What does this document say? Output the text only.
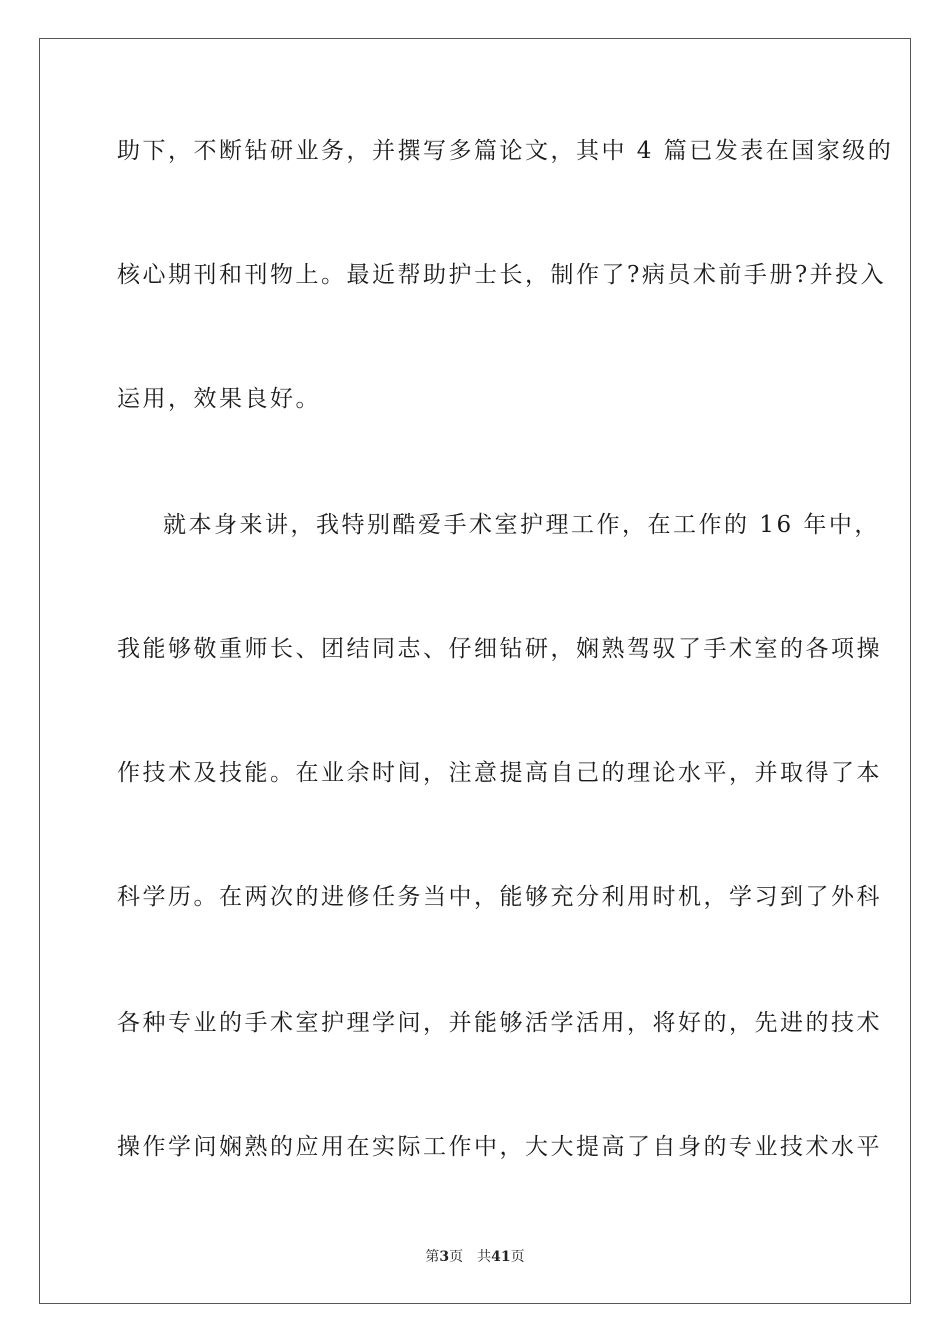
助下，不断钻研业务，并撰写多篇论文，其中 4 篇已发表在国家级的
核心期刊和刊物上。最近帮助护士长，制作了?病员术前手册?并投入
运用，效果良好。
就本身来讲，我特别酷爱手术室护理工作，在工作的 16 年中，
我能够敬重师长、团结同志、仔细钻研，娴熟驾驭了手术室的各项操
作技术及技能。在业余时间，注意提高自己的理论水平，并取得了本
科学历。在两次的进修任务当中，能够充分利用时机，学习到了外科
各种专业的手术室护理学问，并能够活学活用，将好的，先进的技术
操作学问娴熟的应用在实际工作中，大大提高了自身的专业技术水平
第3页 共41页
